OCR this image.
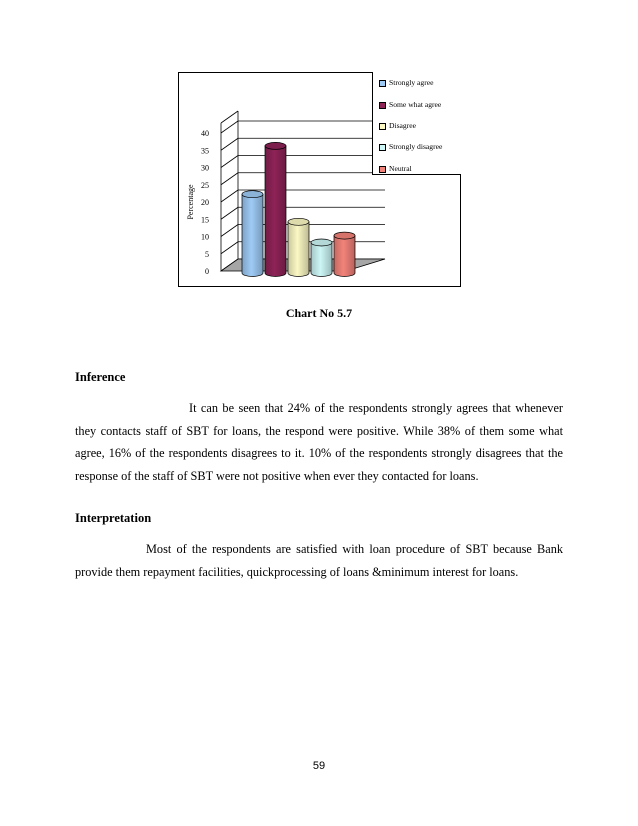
0
5
10
15
20
25
30
35
40
Percentage
Strongly agree
Some what agree
Disagree
Strongly disagree
Neutral
Chart No 5.7
Inference

It can be seen that 24% of the respondents strongly agrees that whenever they contacts staff of SBT for loans, the respond were positive. While 38% of them some what agree, 16% of the respondents disagrees to it. 10% of the respondents strongly disagrees that the response of the staff of SBT were not positive when ever they contacted for loans.

Interpretation

Most of the respondents are satisfied with loan procedure of SBT because Bank provide them repayment facilities, quickprocessing of loans &minimum interest for loans.

59
